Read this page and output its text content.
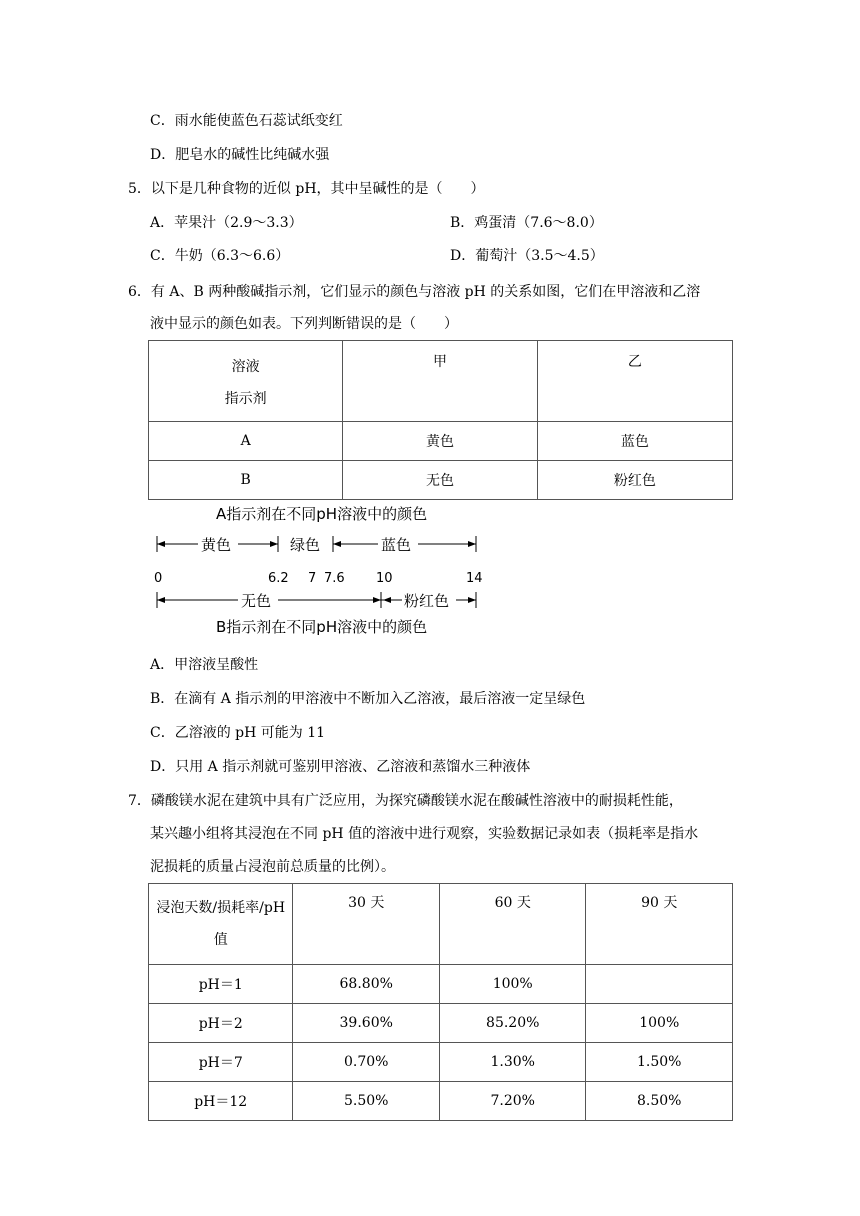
C．雨水能使蓝色石蕊试纸变红
D．肥皂水的碱性比纯碱水强
5．以下是几种食物的近似 pH，其中呈碱性的是（　　）
A．苹果汁（2.9～3.3）	B．鸡蛋清（7.6～8.0）
C．牛奶（6.3～6.6）	D．葡萄汁（3.5～4.5）
6．有 A、B 两种酸碱指示剂，它们显示的颜色与溶液 pH 的关系如图，它们在甲溶液和乙溶
液中显示的颜色如表。下列判断错误的是（　　）
溶液
指示剂	甲	乙
A	黄色	蓝色
B	无色	粉红色
A指示剂在不同pH溶液中的颜色
黄色	绿色	蓝色
0	6.2 7 7.6 10	14
无色	粉红色
B指示剂在不同pH溶液中的颜色
A．甲溶液呈酸性
B．在滴有 A 指示剂的甲溶液中不断加入乙溶液，最后溶液一定呈绿色
C．乙溶液的 pH 可能为 11
D．只用 A 指示剂就可鉴别甲溶液、乙溶液和蒸馏水三种液体
7．磷酸镁水泥在建筑中具有广泛应用，为探究磷酸镁水泥在酸碱性溶液中的耐损耗性能，
某兴趣小组将其浸泡在不同 pH 值的溶液中进行观察，实验数据记录如表（损耗率是指水
泥损耗的质量占浸泡前总质量的比例）。
浸泡天数/损耗率/pH
值	30 天	60 天	90 天
pH＝1	68.80%	100%	
pH＝2	39.60%	85.20%	100%
pH＝7	0.70%	1.30%	1.50%
pH＝12	5.50%	7.20%	8.50%
